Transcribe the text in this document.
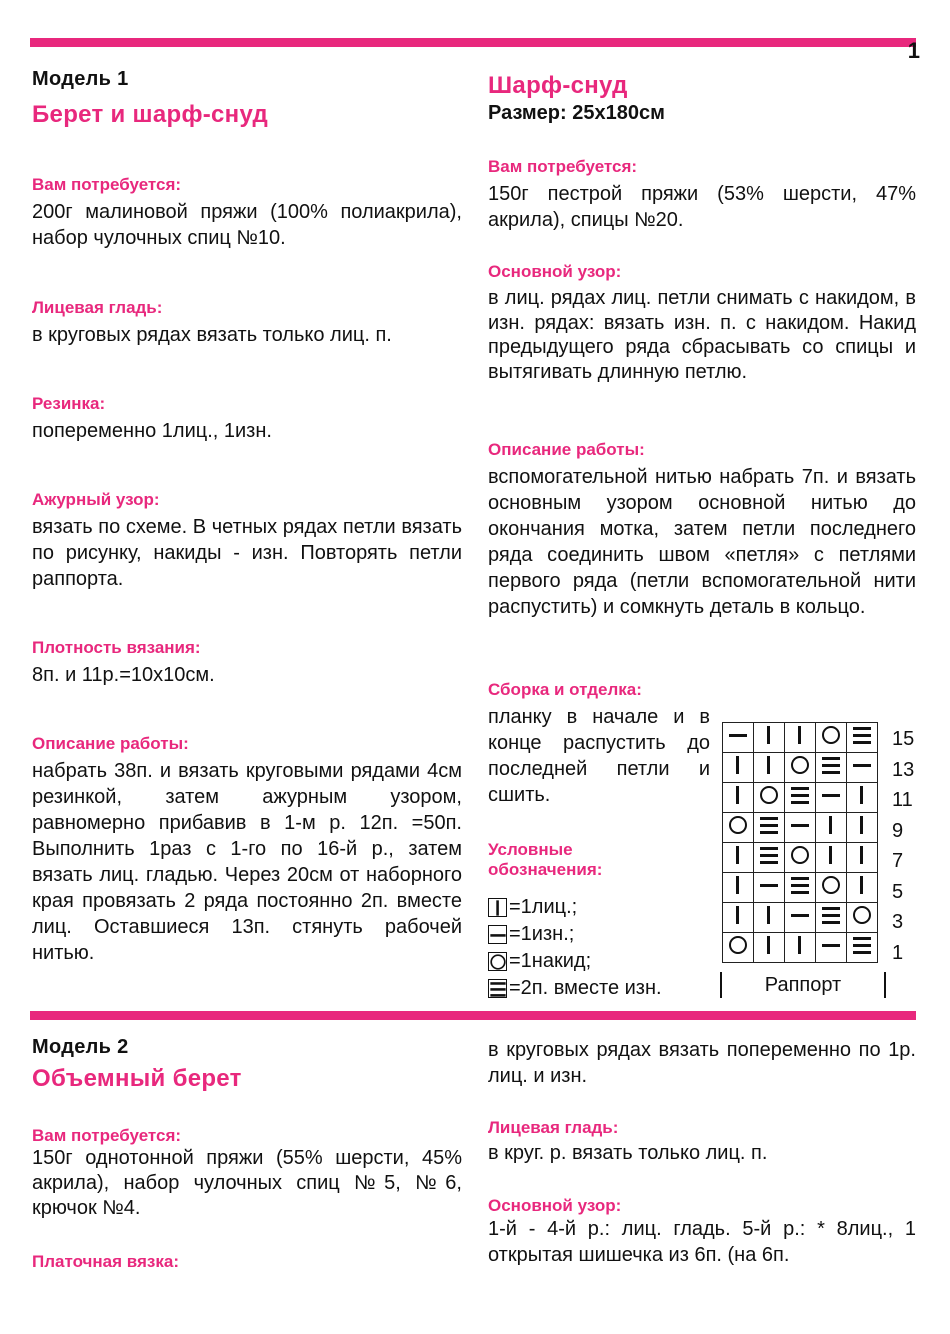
1
Модель 1
Берет и шарф-снуд
Вам потребуется:

200г малиновой пряжи (100% полиакрила), набор чулочных спиц №10.

Лицевая гладь:

в круговых рядах вязать только лиц. п.

Резинка:

попеременно 1лиц., 1изн.

Ажурный узор:

вязать по схеме. В четных рядах петли вязать по рисунку, накиды - изн. Повторять петли раппорта.

Плотность вязания:

8п. и 11р.=10х10см.

Описание работы:

набрать 38п. и вязать круговыми рядами 4см резинкой, затем ажурным узором, равномерно прибавив в 1-м р. 12п. =50п. Выполнить 1раз с 1-го по 16-й р., затем вязать лиц. гладью. Через 20см от наборного края провязать 2 ряда постоянно 2п. вместе лиц. Оставшиеся 13п. стянуть рабочей нитью.

Шарф-снуд
Размер: 25х180см
Вам потребуется:

150г пестрой пряжи (53% шерсти, 47% акрила), спицы №20.

Основной узор:

в лиц. рядах лиц. петли снимать с накидом, в изн. рядах: вязать изн. п. с накидом. Накид предыдущего ряда сбрасывать со спицы и вытягивать длинную петлю.

Описание работы:

вспомогательной нитью набрать 7п. и вязать основным узором основной нитью до окончания мотка, затем петли последнего ряда соединить швом «петля» с петлями первого ряда (петли вспомогательной нити распустить) и сомкнуть деталь в кольцо.

Сборка и отделка:

планку в начале и в конце распустить до последней петли и сшить.

Условные
обозначения:
=1лиц.;
=1изн.;
=1накид;
=2п. вместе изн.

15
13
11
9
7
5
3
1
Раппорт
Модель 2
Объемный берет
Вам потребуется:

150г однотонной пряжи (55% шерсти, 45% акрила), набор чулочных спиц №5, №6, крючок №4.

Платочная вязка:

в круговых рядах вязать попеременно по 1р. лиц. и изн.

Лицевая гладь:

в круг. р. вязать только лиц. п.

Основной узор:

1-й - 4-й р.: лиц. гладь. 5-й р.: * 8лиц., 1 открытая шишечка из 6п. (на 6п.
